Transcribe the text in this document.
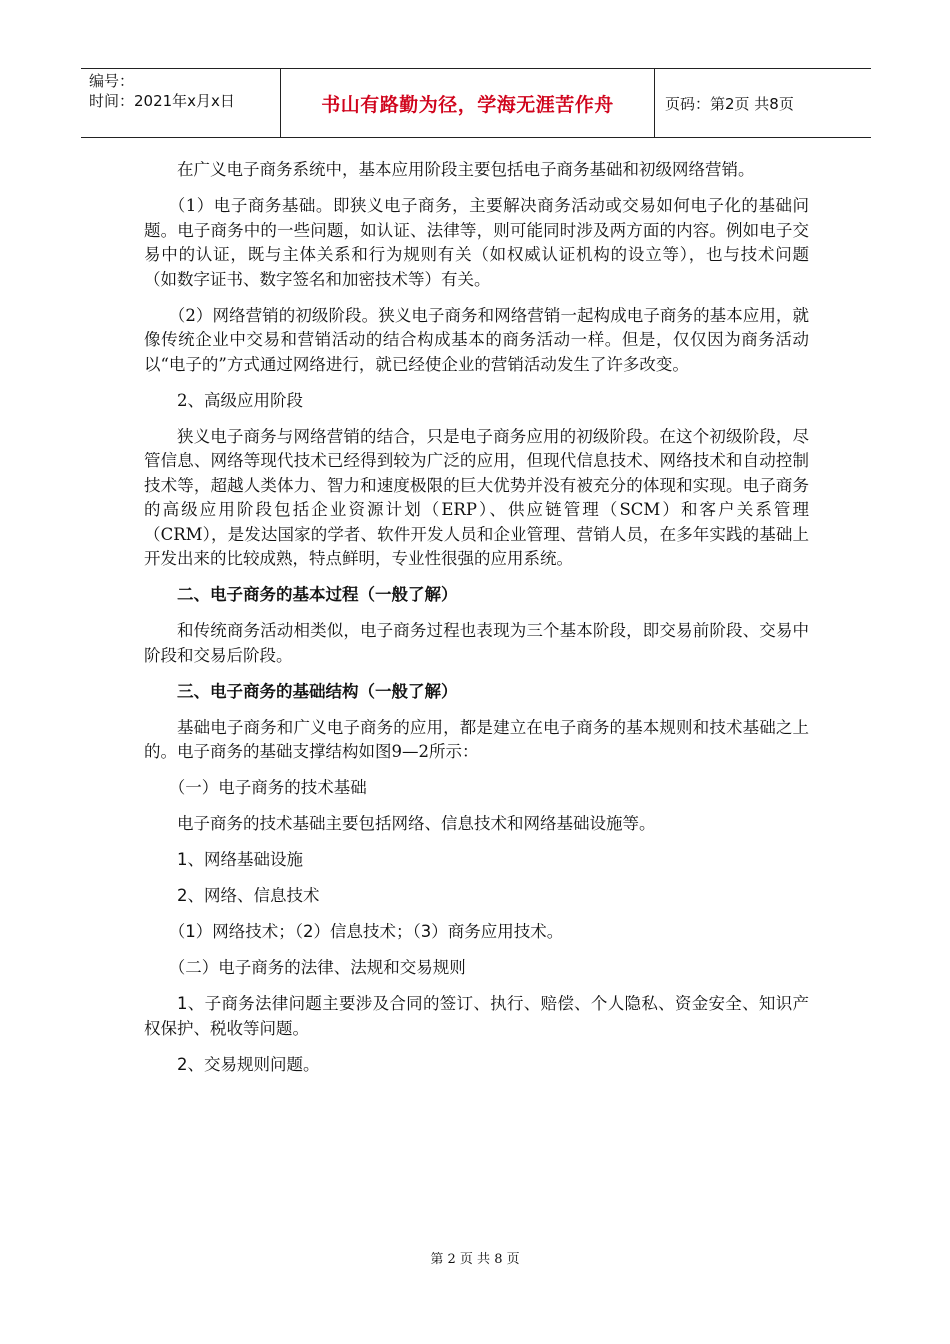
编号：
时间：2021年x月x日	书山有路勤为径，学海无涯苦作舟	页码：第2页 共8页

在广义电子商务系统中，基本应用阶段主要包括电子商务基础和初级网络营销。

（1）电子商务基础。即狭义电子商务，主要解决商务活动或交易如何电子化的基础问题。电子商务中的一些问题，如认证、法律等，则可能同时涉及两方面的内容。例如电子交易中的认证，既与主体关系和行为规则有关（如权威认证机构的设立等），也与技术问题（如数字证书、数字签名和加密技术等）有关。

（2）网络营销的初级阶段。狭义电子商务和网络营销一起构成电子商务的基本应用，就像传统企业中交易和营销活动的结合构成基本的商务活动一样。但是，仅仅因为商务活动以“电子的”方式通过网络进行，就已经使企业的营销活动发生了许多改变。

2、高级应用阶段

狭义电子商务与网络营销的结合，只是电子商务应用的初级阶段。在这个初级阶段，尽管信息、网络等现代技术已经得到较为广泛的应用，但现代信息技术、网络技术和自动控制技术等，超越人类体力、智力和速度极限的巨大优势并没有被充分的体现和实现。电子商务的高级应用阶段包括企业资源计划（ERP）、供应链管理（SCM）和客户关系管理（CRM），是发达国家的学者、软件开发人员和企业管理、营销人员，在多年实践的基础上开发出来的比较成熟，特点鲜明，专业性很强的应用系统。

二、电子商务的基本过程（一般了解）

和传统商务活动相类似，电子商务过程也表现为三个基本阶段，即交易前阶段、交易中阶段和交易后阶段。

三、电子商务的基础结构（一般了解）

基础电子商务和广义电子商务的应用，都是建立在电子商务的基本规则和技术基础之上的。电子商务的基础支撑结构如图9—2所示：

（一）电子商务的技术基础

电子商务的技术基础主要包括网络、信息技术和网络基础设施等。

1、网络基础设施

2、网络、信息技术

（1）网络技术；（2）信息技术；（3）商务应用技术。

（二）电子商务的法律、法规和交易规则

1、子商务法律问题主要涉及合同的签订、执行、赔偿、个人隐私、资金安全、知识产权保护、税收等问题。

2、交易规则问题。

第 2 页 共 8 页
